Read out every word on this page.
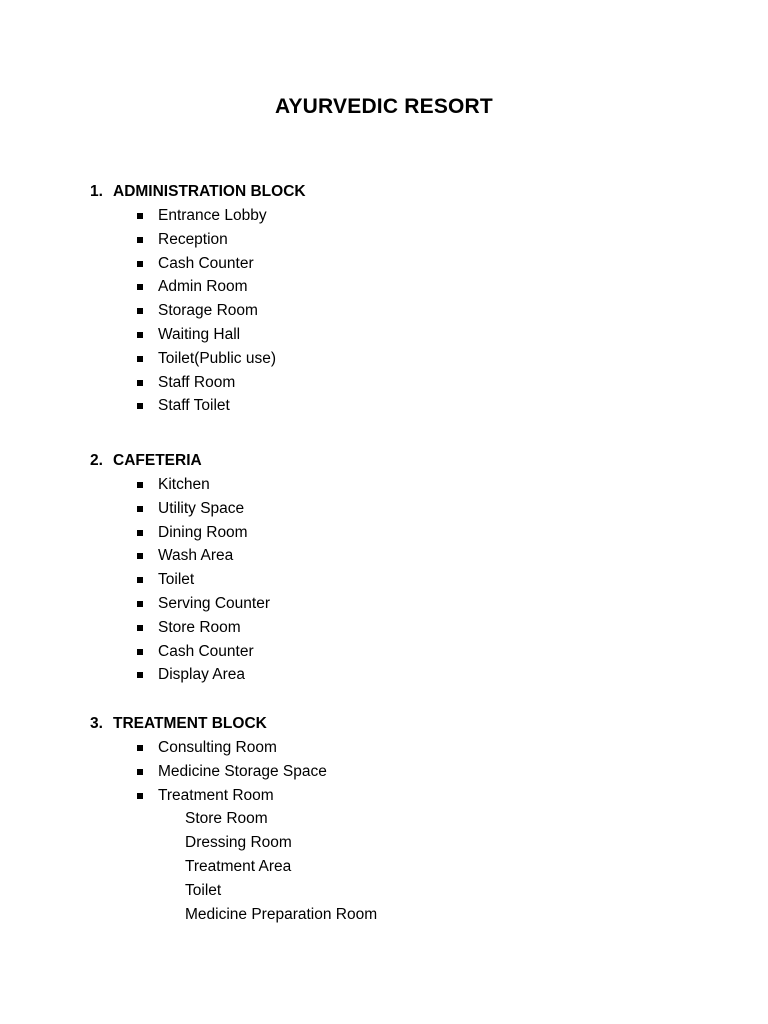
AYURVEDIC RESORT
1. ADMINISTRATION BLOCK
Entrance Lobby
Reception
Cash Counter
Admin Room
Storage Room
Waiting Hall
Toilet(Public use)
Staff Room
Staff Toilet
2. CAFETERIA
Kitchen
Utility Space
Dining Room
Wash Area
Toilet
Serving Counter
Store Room
Cash Counter
Display Area
3. TREATMENT BLOCK
Consulting Room
Medicine Storage Space
Treatment Room
Store Room
Dressing Room
Treatment Area
Toilet
Medicine Preparation Room
